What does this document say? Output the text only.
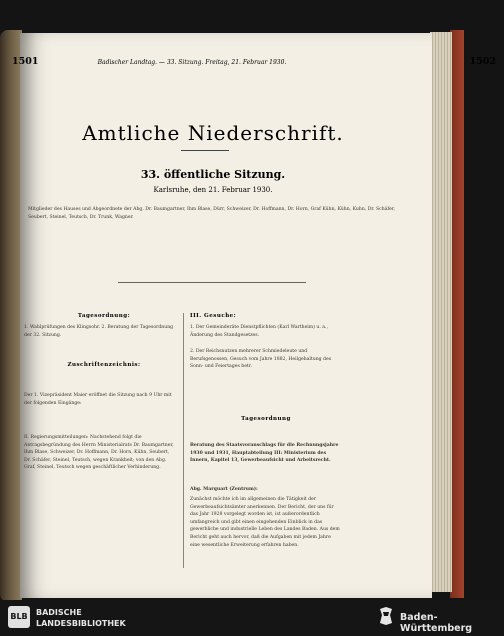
1501	Badischer Landtag. — 33. Sitzung. Freitag, 21. Februar 1930.	1502
Amtliche Niederschrift.
33. öffentliche Sitzung.
Karlsruhe, den 21. Februar 1930.
Mitglieder des Hauses und Abgeordnete der Abg. Dr. Baumgartner, Ihm Blase, Dürr, Schweizer, Dr. Hoffmann, Dr. Horn, Graf Kühn, Kühn, Kuhn, Dr. Schäfer, Seubert, Steinel, Teutsch, Dr. Trunk, Wagner.
Tagesordnung:
1. Wahlprüfungen des Klingsohr. 2. Beratung der Tagesordnung der 32. Sitzung.
Zuschriftenzeichnis:
Der 1. Vizepräsident Maier eröffnet die Sitzung nach 9 Uhr mit der folgenden Eingänge:
II. Regierungsmitteilungen: Nachstehend folgt die Antragsbegründung des Herrn Ministerialrats Dr. Baumgartner, Ihm Blase, Schweizer, Dr. Hoffmann, Dr. Horn, Kühn, Seubert, Dr. Schäfer, Steinel, Teutsch, wegen Krankheit; von den Abg. Graf, Steinel, Teutsch wegen geschäftlicher Verhinderung.
III. Gesuche:
1. Der Gemeinderäte Dienstpflichten (Karl Wartheim) u. a., Änderung des Standgesetzes.
2. Der Reichsnutzen mehrerer Schmiedeleute und Berufsgenossen, Gesuch vom Jahre 1882, Heilgehaltung des Sonn- und Feiertages betr.
Tagesordnung
Beratung des Staatsvoranschlags für die Rechnungsjahre 1930 und 1931, Hauptabteilung III: Ministerium des Innern, Kapitel 13, Gewerbeaufsicht und Arbeitsrecht.
Abg. Marquart (Zentrum):
Zunächst möchte ich im allgemeinen die Tätigkeit der Gewerbeaufsichtsämter anerkennen. Der Bericht, der uns für das Jahr 1928 vorgelegt worden ist, ist außerordentlich umfangreich und gibt einen eingehenden Einblick in das gewerbliche und industrielle Leben des Landes Baden. Aus dem Bericht geht auch hervor, daß die Aufgaben mit jedem Jahre eine wesentliche Erweiterung erfahren haben.
BLB BADISCHE
LANDESBIBLIOTHEK
Baden-Württemberg
